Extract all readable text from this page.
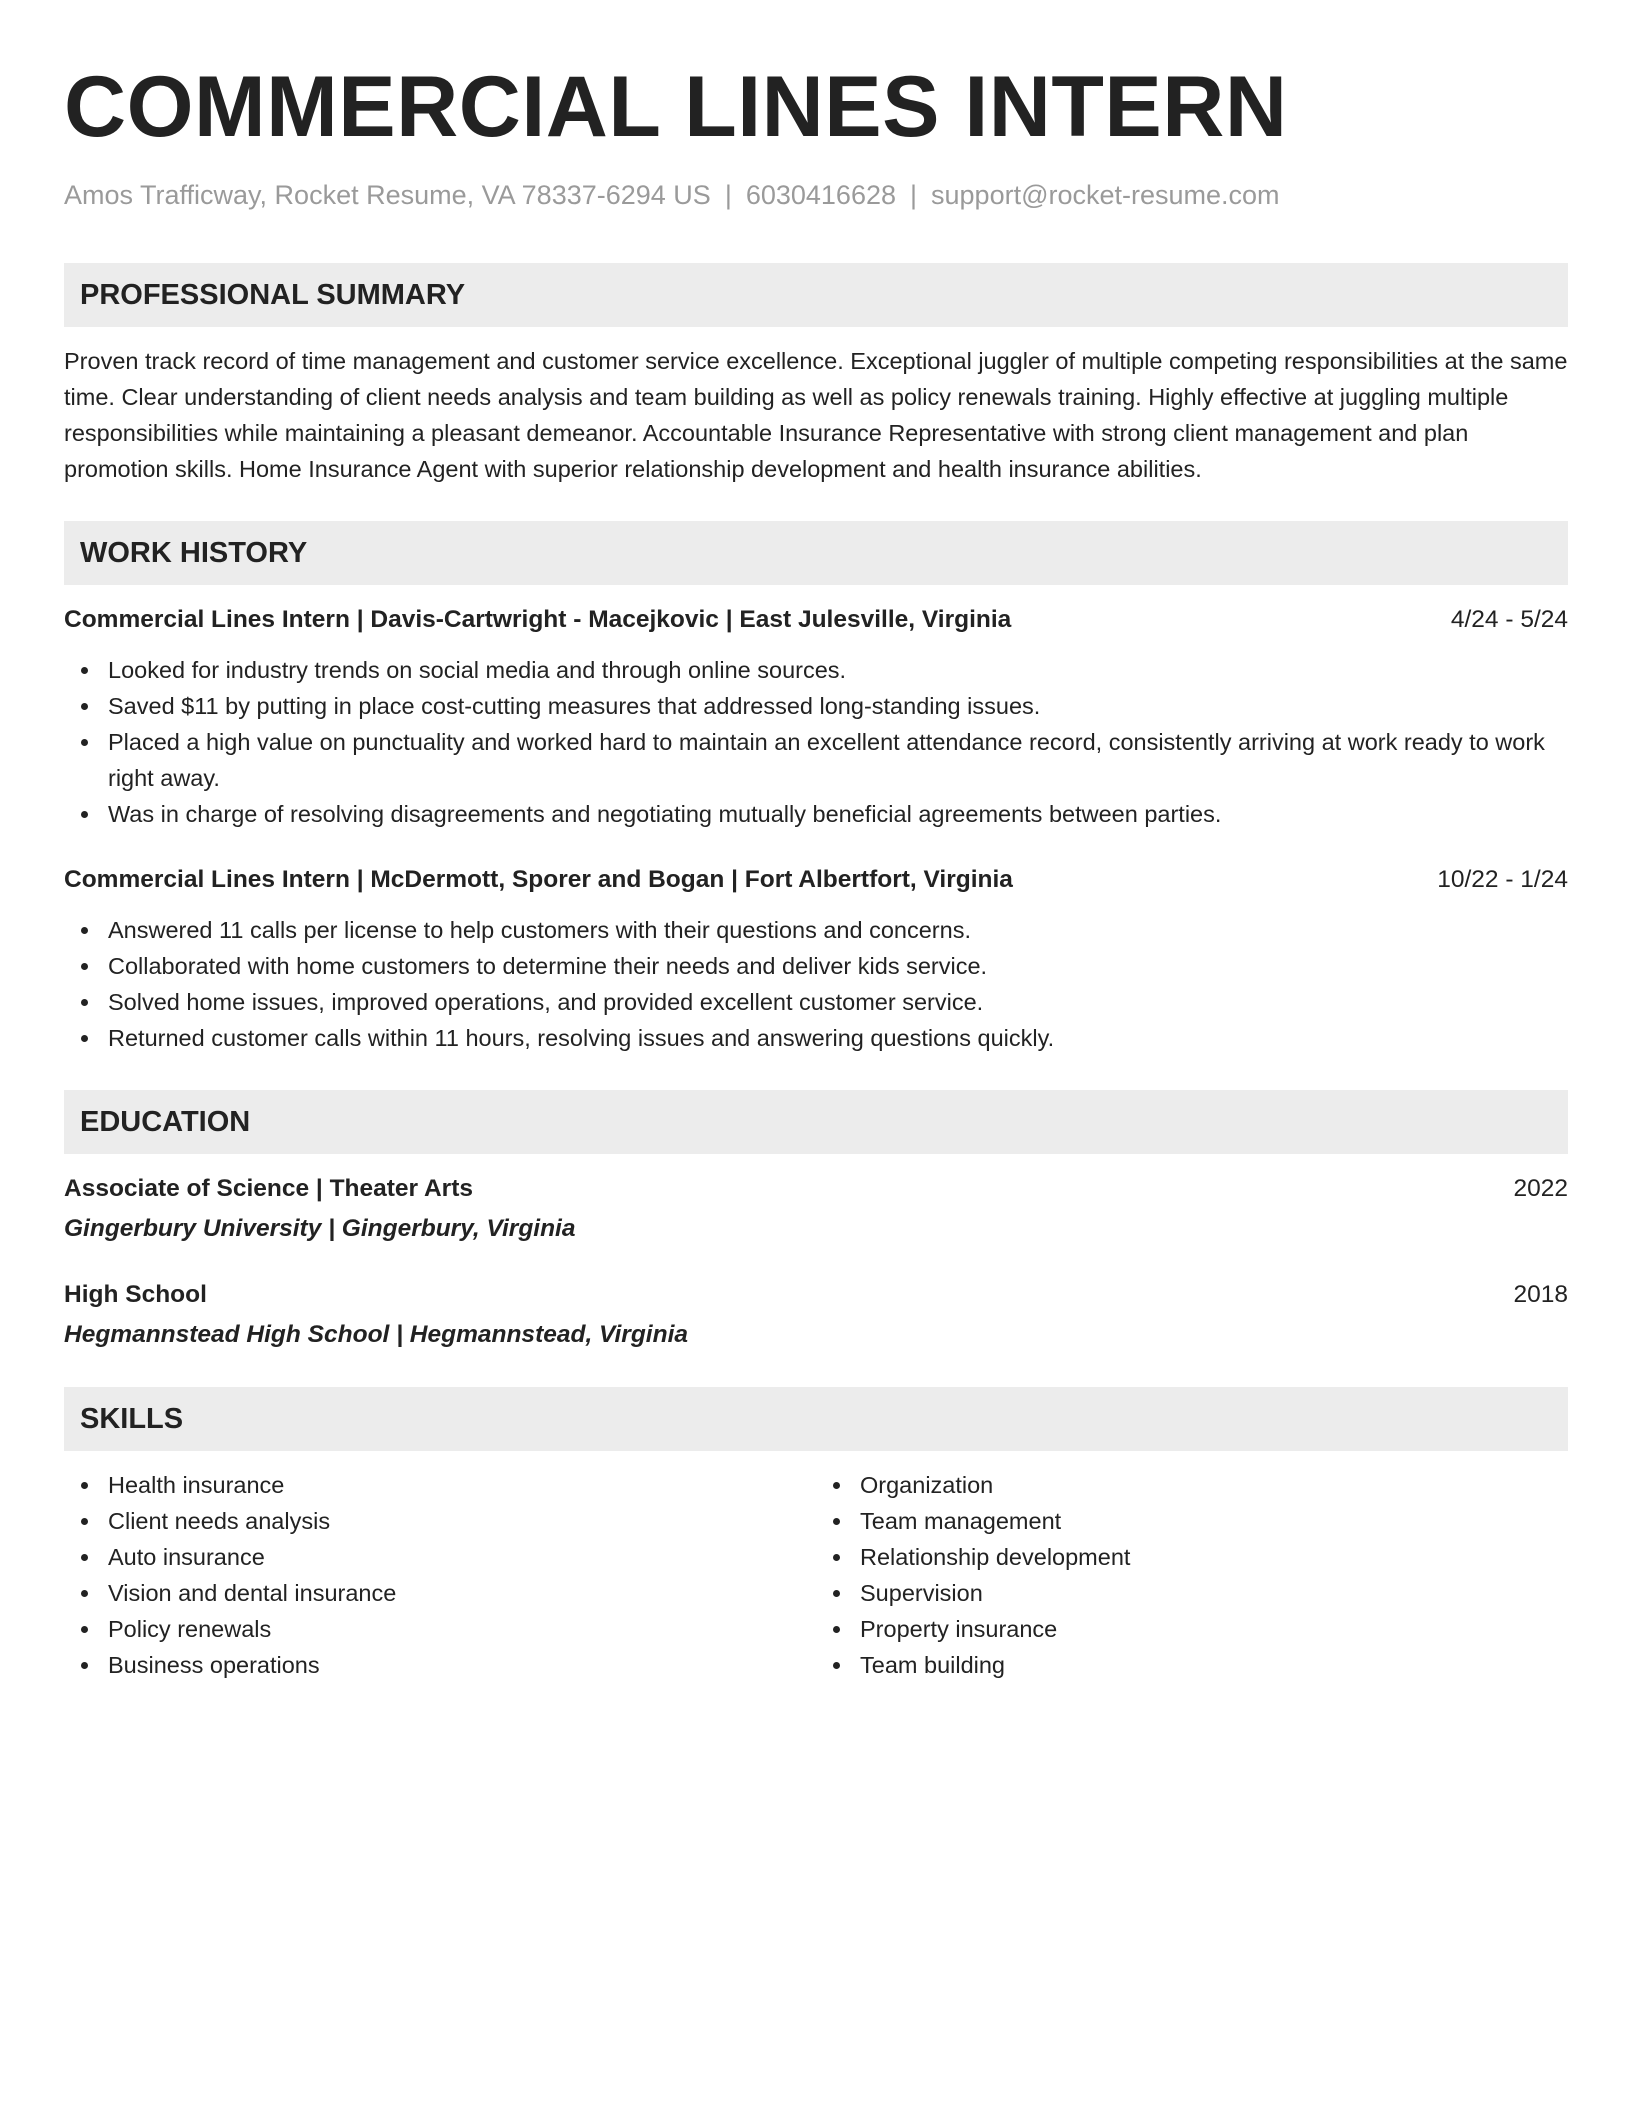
COMMERCIAL LINES INTERN
Amos Trafficway, Rocket Resume, VA 78337-6294 US | 6030416628 | support@rocket-resume.com
PROFESSIONAL SUMMARY
Proven track record of time management and customer service excellence. Exceptional juggler of multiple competing responsibilities at the same time. Clear understanding of client needs analysis and team building as well as policy renewals training. Highly effective at juggling multiple responsibilities while maintaining a pleasant demeanor. Accountable Insurance Representative with strong client management and plan promotion skills. Home Insurance Agent with superior relationship development and health insurance abilities.
WORK HISTORY
Commercial Lines Intern | Davis-Cartwright - Macejkovic | East Julesville, Virginia	4/24 - 5/24
Looked for industry trends on social media and through online sources.
Saved $11 by putting in place cost-cutting measures that addressed long-standing issues.
Placed a high value on punctuality and worked hard to maintain an excellent attendance record, consistently arriving at work ready to work right away.
Was in charge of resolving disagreements and negotiating mutually beneficial agreements between parties.
Commercial Lines Intern | McDermott, Sporer and Bogan | Fort Albertfort, Virginia	10/22 - 1/24
Answered 11 calls per license to help customers with their questions and concerns.
Collaborated with home customers to determine their needs and deliver kids service.
Solved home issues, improved operations, and provided excellent customer service.
Returned customer calls within 11 hours, resolving issues and answering questions quickly.
EDUCATION
Associate of Science | Theater Arts	2022
Gingerbury University | Gingerbury, Virginia
High School	2018
Hegmannstead High School | Hegmannstead, Virginia
SKILLS
Health insurance
Client needs analysis
Auto insurance
Vision and dental insurance
Policy renewals
Business operations
Organization
Team management
Relationship development
Supervision
Property insurance
Team building
